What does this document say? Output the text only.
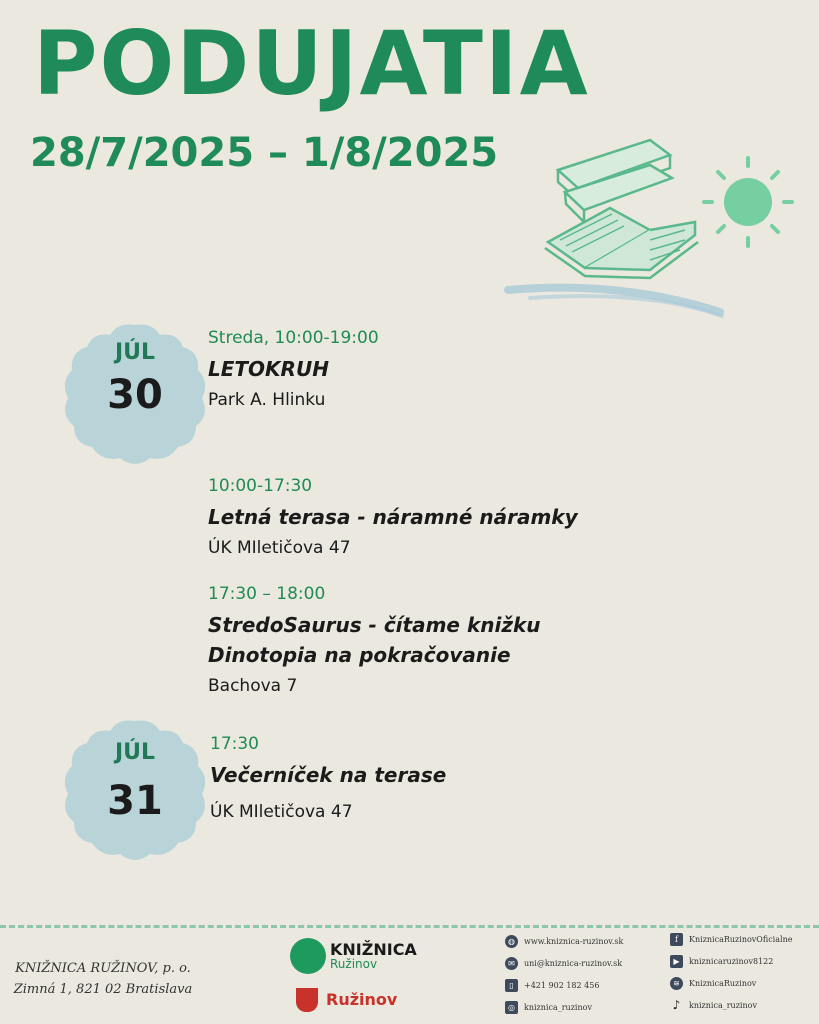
PODUJATIA
28/7/2025 – 1/8/2025
JÚL
30
JÚL
31
Streda, 10:00-19:00
LETOKRUH
Park A. Hlinku
10:00-17:30
Letná terasa - náramné náramky
ÚK MIletičova 47
17:30 – 18:00
StredoSaurus - čítame knižku
Dinotopia na pokračovanie
Bachova 7
17:30
Večerníček na terase
ÚK MIletičova 47
KNIŽNICA RUŽINOV, p. o.
Zimná 1, 821 02 Bratislava
KNIŽNICA
Ružinov
Ružinov
◍	www.kniznica-ruzinov.sk
✉	uni@kniznica-ruzinov.sk
▯	+421 902 182 456
◎	kniznica_ruzinov
f	KniznicaRuzinovOficialne
▶	kniznicaruzinov8122
≋	KniznicaRuzinov
♪	kniznica_ruzinov
